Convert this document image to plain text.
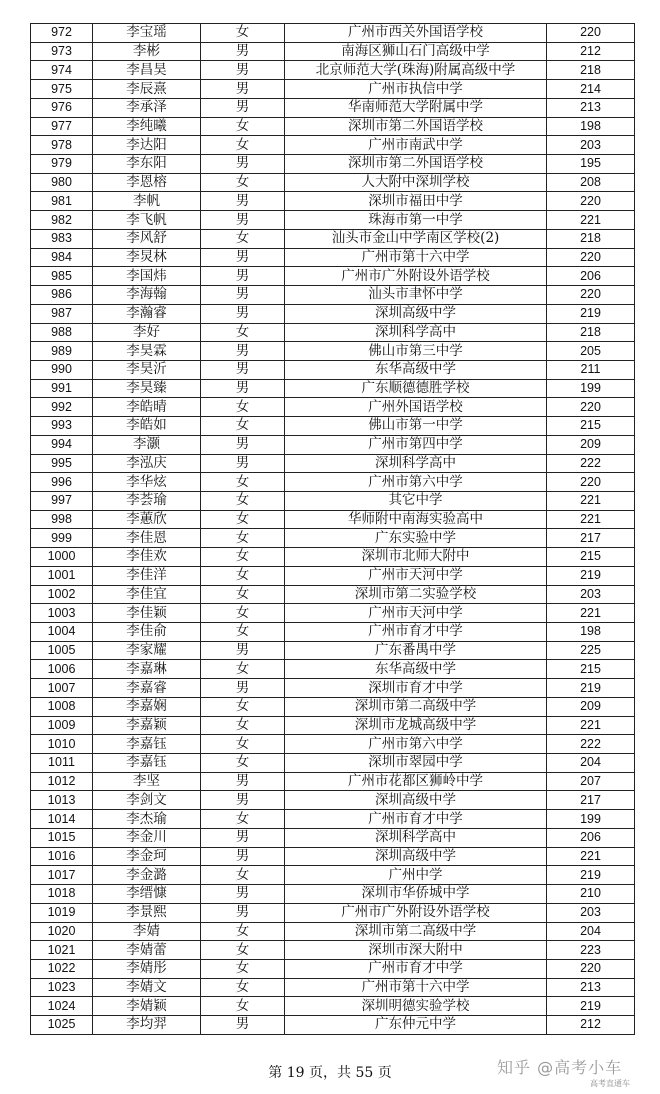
972	李宝瑶	女	广州市西关外国语学校	220
973	李彬	男	南海区狮山石门高级中学	212
974	李昌昊	男	北京师范大学(珠海)附属高级中学	218
975	李辰熹	男	广州市执信中学	214
976	李承泽	男	华南师范大学附属中学	213
977	李纯曦	女	深圳市第二外国语学校	198
978	李达阳	女	广州市南武中学	203
979	李东阳	男	深圳市第二外国语学校	195
980	李恩榕	女	人大附中深圳学校	208
981	李帆	男	深圳市福田中学	220
982	李飞帆	男	珠海市第一中学	221
983	李风舒	女	汕头市金山中学南区学校(2)	218
984	李炅林	男	广州市第十六中学	220
985	李国炜	男	广州市广外附设外语学校	206
986	李海翰	男	汕头市聿怀中学	220
987	李瀚睿	男	深圳高级中学	219
988	李好	女	深圳科学高中	218
989	李昊霖	男	佛山市第三中学	205
990	李昊沂	男	东华高级中学	211
991	李昊臻	男	广东顺德德胜学校	199
992	李皓晴	女	广州外国语学校	220
993	李皓如	女	佛山市第一中学	215
994	李灏	男	广州市第四中学	209
995	李泓庆	男	深圳科学高中	222
996	李华炫	女	广州市第六中学	220
997	李荟瑜	女	其它中学	221
998	李蕙欣	女	华师附中南海实验高中	221
999	李佳恩	女	广东实验中学	217
1000	李佳欢	女	深圳市北师大附中	215
1001	李佳洋	女	广州市天河中学	219
1002	李佳宜	女	深圳市第二实验学校	203
1003	李佳颖	女	广州市天河中学	221
1004	李佳俞	女	广州市育才中学	198
1005	李家耀	男	广东番禺中学	225
1006	李嘉琳	女	东华高级中学	215
1007	李嘉睿	男	深圳市育才中学	219
1008	李嘉娴	女	深圳市第二高级中学	209
1009	李嘉颖	女	深圳市龙城高级中学	221
1010	李嘉钰	女	广州市第六中学	222
1011	李嘉钰	女	深圳市翠园中学	204
1012	李坚	男	广州市花都区狮岭中学	207
1013	李剑文	男	深圳高级中学	217
1014	李杰瑜	女	广州市育才中学	199
1015	李金川	男	深圳科学高中	206
1016	李金珂	男	深圳高级中学	221
1017	李金潞	女	广州中学	219
1018	李缙慷	男	深圳市华侨城中学	210
1019	李景熙	男	广州市广外附设外语学校	203
1020	李婧	女	深圳市第二高级中学	204
1021	李婧蕾	女	深圳市深大附中	223
1022	李婧彤	女	广州市育才中学	220
1023	李婧文	女	广州市第十六中学	213
1024	李婧颖	女	深圳明德实验学校	219
1025	李均羿	男	广东仲元中学	212
第 19 页，共 55 页	知乎 @高考小车
高考直通车
